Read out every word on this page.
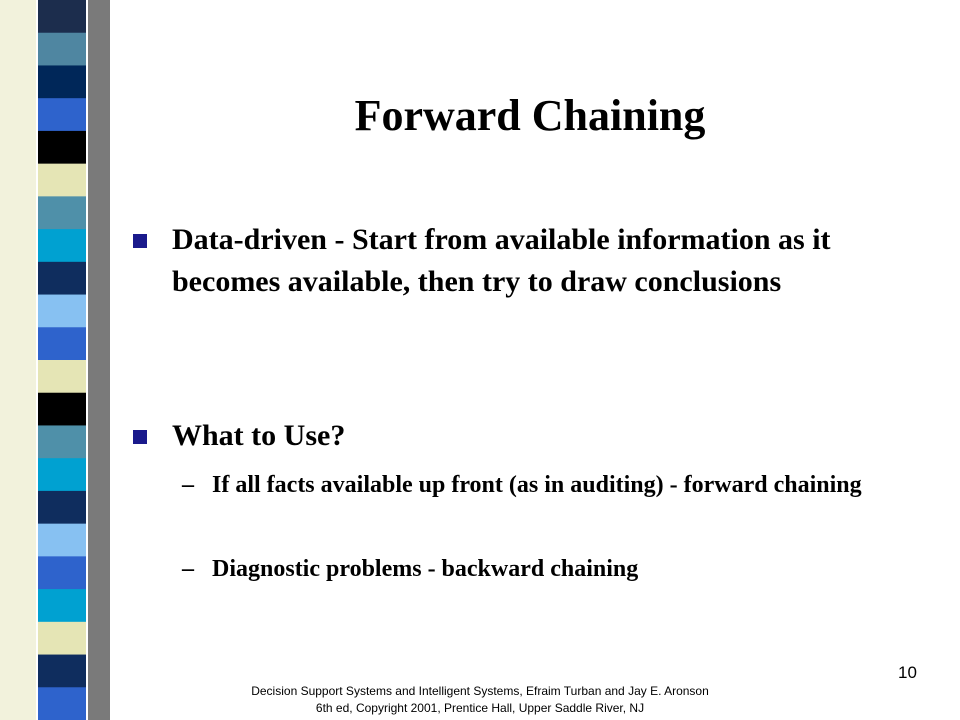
Forward Chaining
Data-driven - Start from available information as it becomes available, then try to draw conclusions
What to Use?
– If all facts available up front (as in auditing) - forward chaining
– Diagnostic problems - backward chaining
10
Decision Support Systems and Intelligent Systems, Efraim Turban and Jay E. Aronson
6th ed, Copyright 2001, Prentice Hall, Upper Saddle River, NJ
